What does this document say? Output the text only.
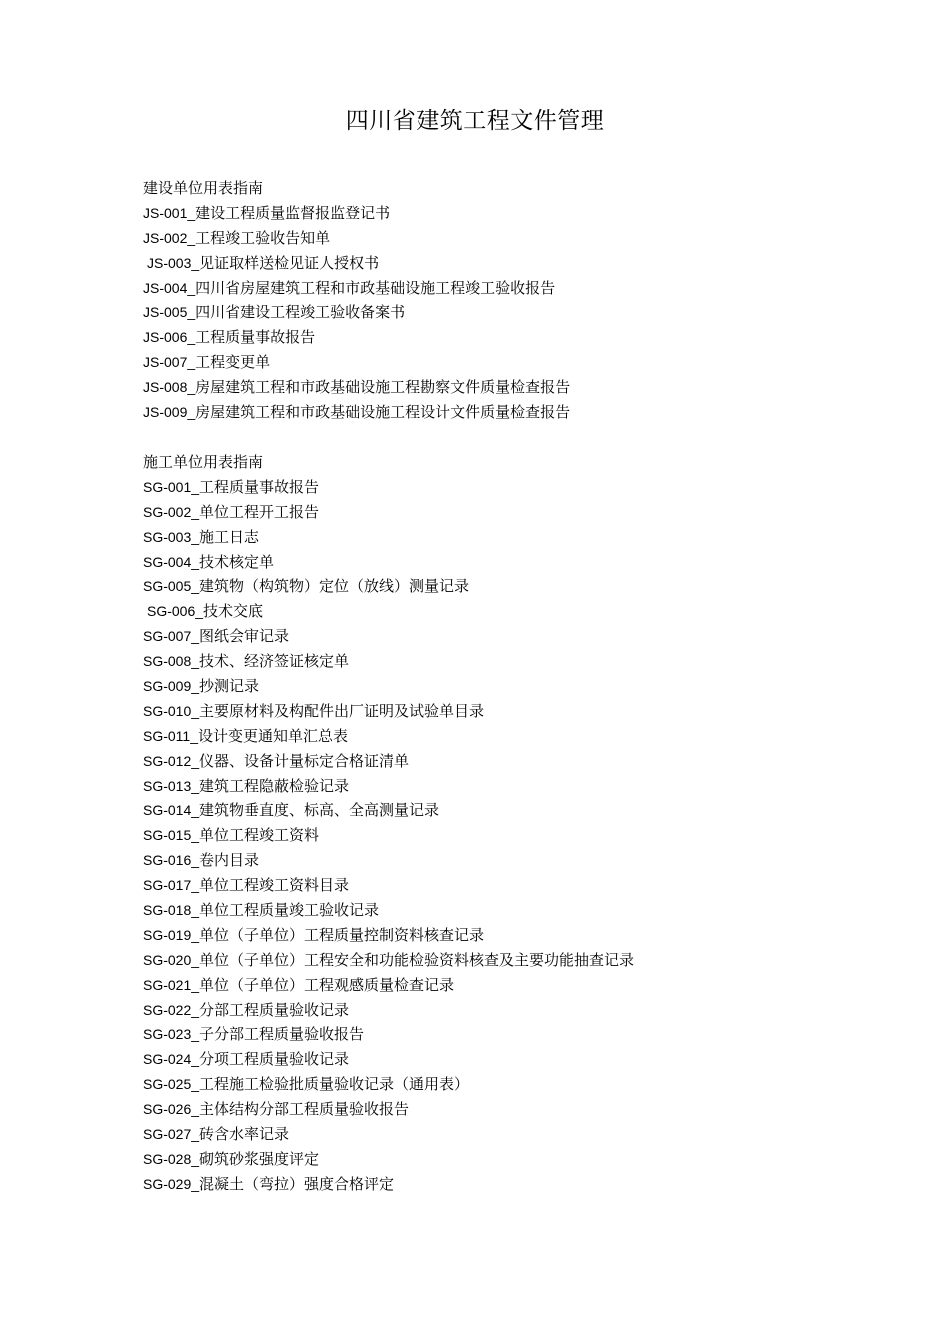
四川省建筑工程文件管理
建设单位用表指南
JS-001_建设工程质量监督报监登记书
JS-002_工程竣工验收告知单
JS-003_见证取样送检见证人授权书
JS-004_四川省房屋建筑工程和市政基础设施工程竣工验收报告
JS-005_四川省建设工程竣工验收备案书
JS-006_工程质量事故报告
JS-007_工程变更单
JS-008_房屋建筑工程和市政基础设施工程勘察文件质量检查报告
JS-009_房屋建筑工程和市政基础设施工程设计文件质量检查报告
施工单位用表指南
SG-001_工程质量事故报告
SG-002_单位工程开工报告
SG-003_施工日志
SG-004_技术核定单
SG-005_建筑物（构筑物）定位（放线）测量记录
SG-006_技术交底
SG-007_图纸会审记录
SG-008_技术、经济签证核定单
SG-009_抄测记录
SG-010_主要原材料及构配件出厂证明及试验单目录
SG-011_设计变更通知单汇总表
SG-012_仪器、设备计量标定合格证清单
SG-013_建筑工程隐蔽检验记录
SG-014_建筑物垂直度、标高、全高测量记录
SG-015_单位工程竣工资料
SG-016_卷内目录
SG-017_单位工程竣工资料目录
SG-018_单位工程质量竣工验收记录
SG-019_单位（子单位）工程质量控制资料核查记录
SG-020_单位（子单位）工程安全和功能检验资料核查及主要功能抽查记录
SG-021_单位（子单位）工程观感质量检查记录
SG-022_分部工程质量验收记录
SG-023_子分部工程质量验收报告
SG-024_分项工程质量验收记录
SG-025_工程施工检验批质量验收记录（通用表）
SG-026_主体结构分部工程质量验收报告
SG-027_砖含水率记录
SG-028_砌筑砂浆强度评定
SG-029_混凝土（弯拉）强度合格评定
